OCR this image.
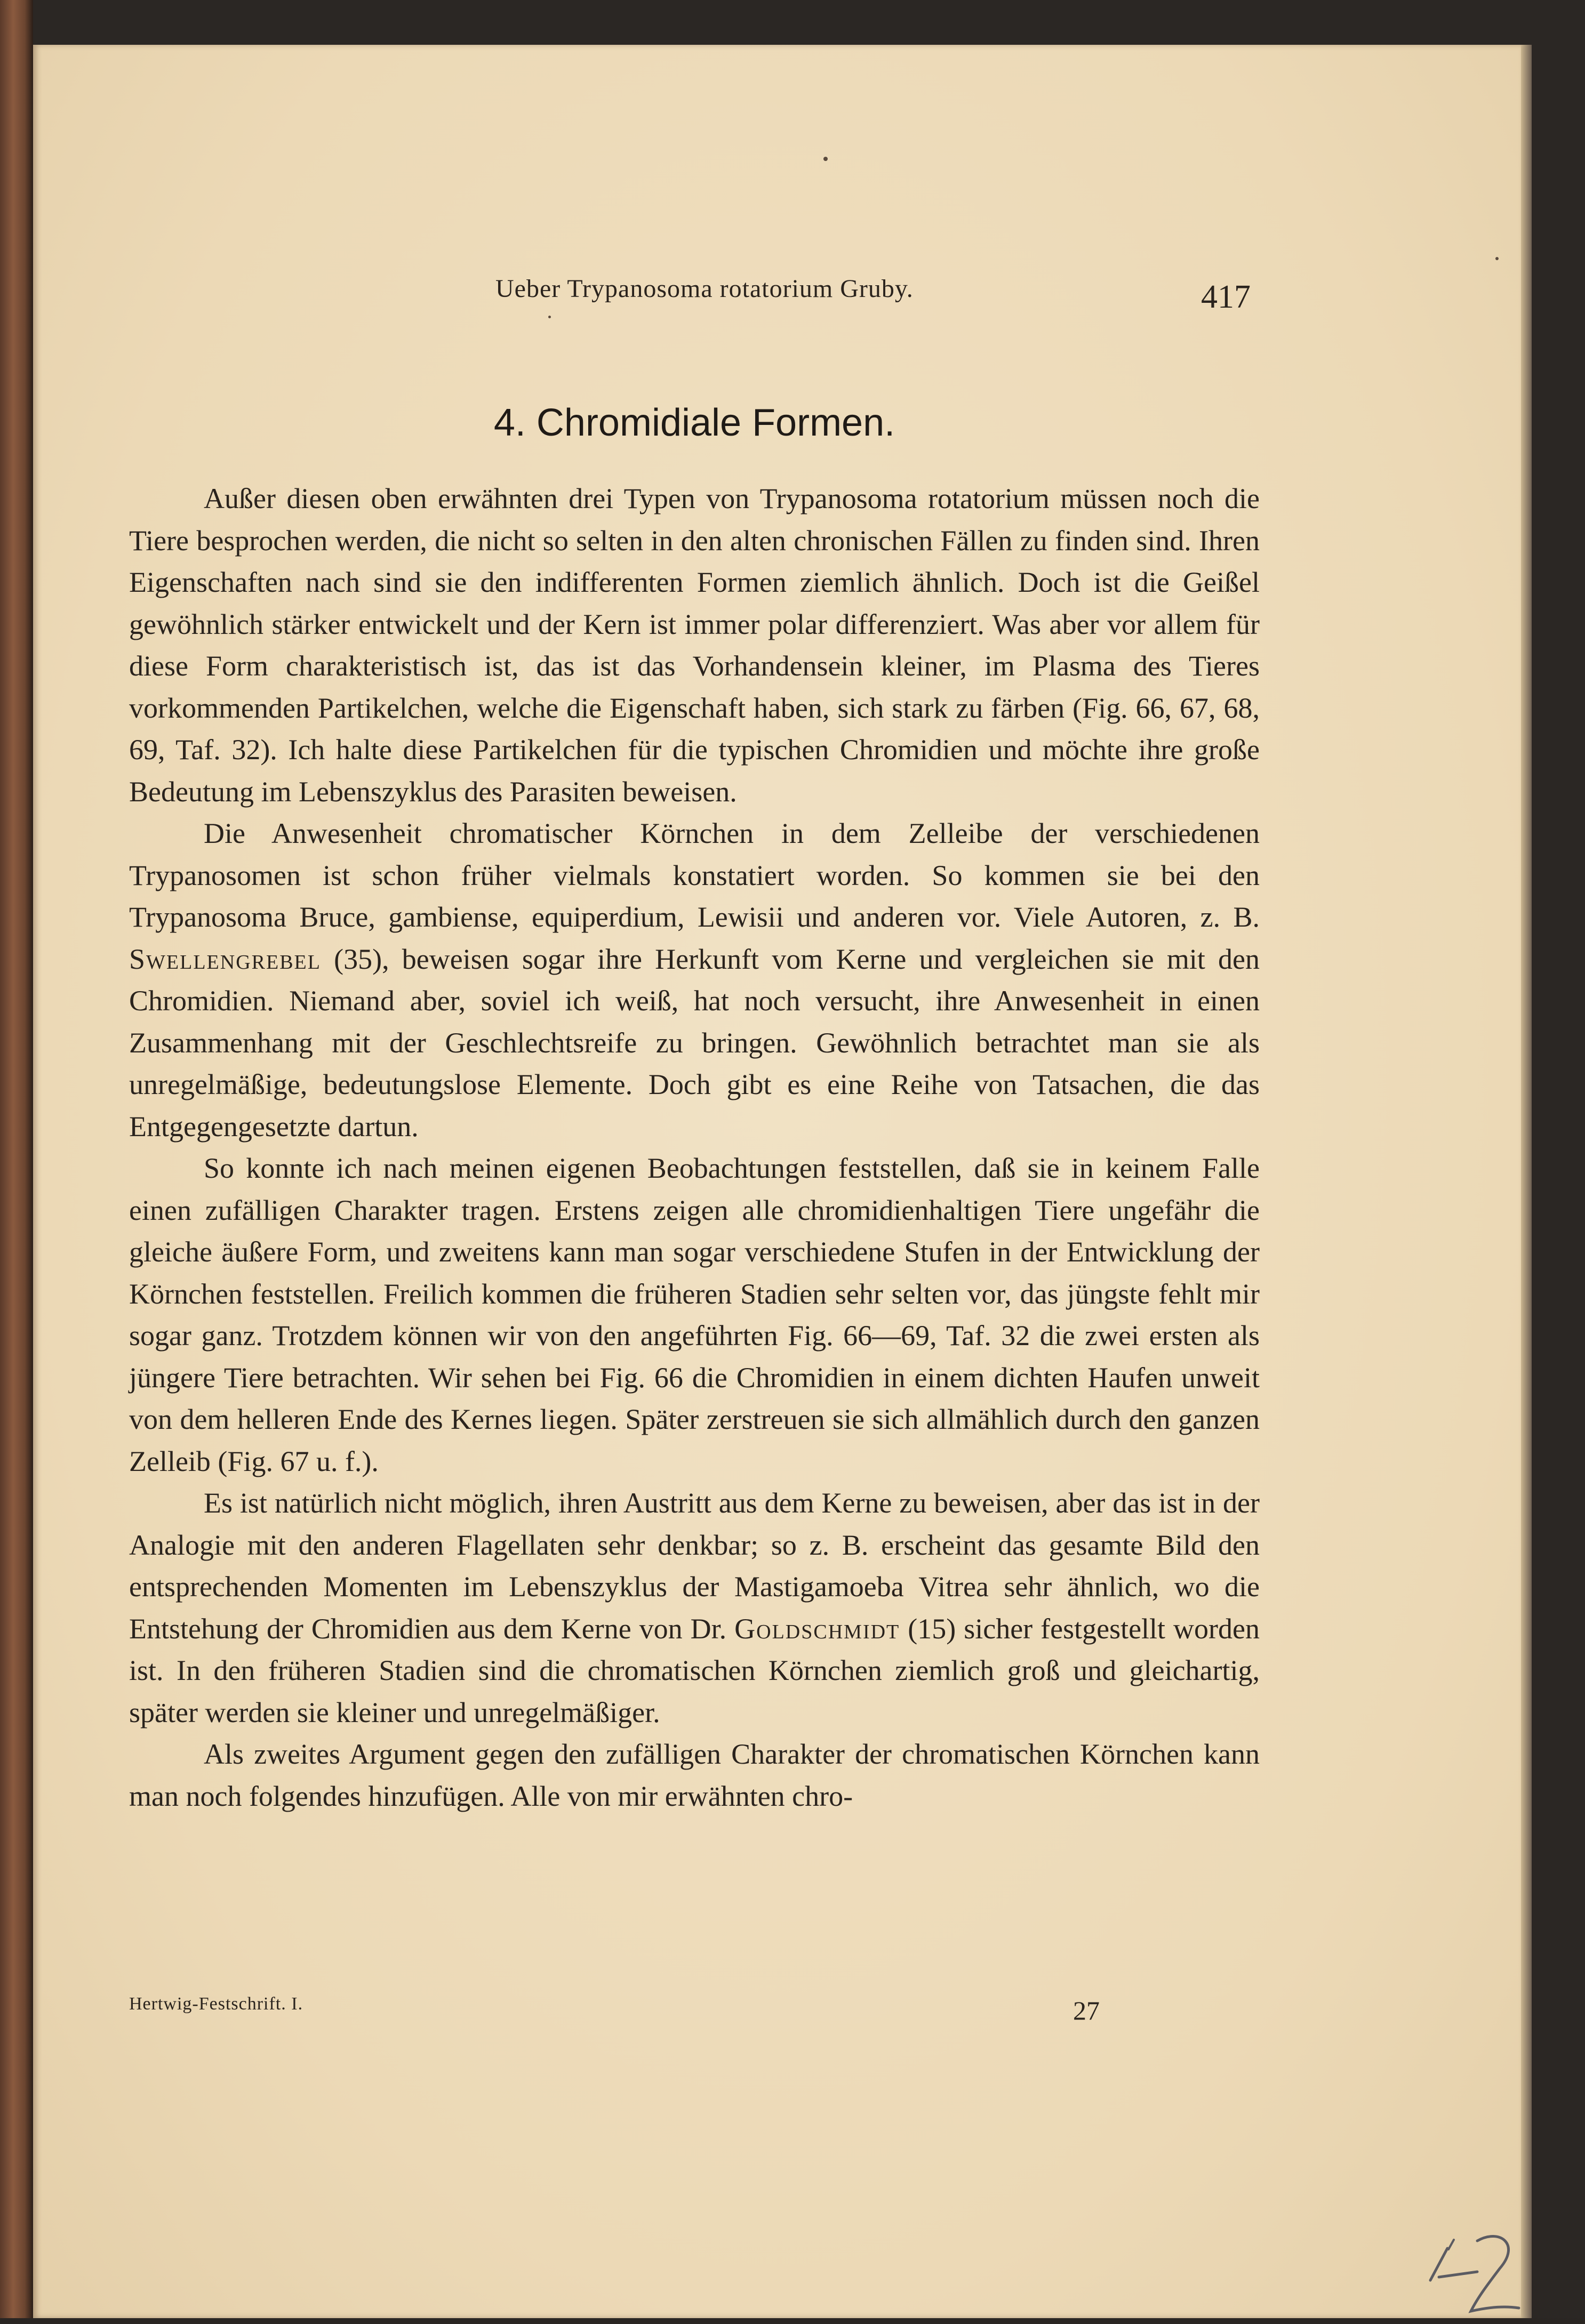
Ueber Trypanosoma rotatorium Gruby.	417
4. Chromidiale Formen.

Außer diesen oben erwähnten drei Typen von Trypanosoma rotatorium müssen noch die Tiere besprochen werden, die nicht so selten in den alten chronischen Fällen zu finden sind. Ihren Eigenschaften nach sind sie den indifferenten Formen ziemlich ähnlich. Doch ist die Geißel gewöhnlich stärker entwickelt und der Kern ist immer polar differenziert. Was aber vor allem für diese Form charakteristisch ist, das ist das Vorhandensein kleiner, im Plasma des Tieres vorkommenden Partikelchen, welche die Eigenschaft haben, sich stark zu färben (Fig. 66, 67, 68, 69, Taf. 32). Ich halte diese Partikelchen für die typischen Chromidien und möchte ihre große Bedeutung im Lebenszyklus des Parasiten beweisen.

Die Anwesenheit chromatischer Körnchen in dem Zelleibe der verschiedenen Trypanosomen ist schon früher vielmals konstatiert worden. So kommen sie bei den Trypanosoma Bruce, gambiense, equiperdium, Lewisii und anderen vor. Viele Autoren, z. B. Swellengrebel (35), beweisen sogar ihre Herkunft vom Kerne und vergleichen sie mit den Chromidien. Niemand aber, soviel ich weiß, hat noch versucht, ihre Anwesenheit in einen Zusammenhang mit der Geschlechtsreife zu bringen. Gewöhnlich betrachtet man sie als unregelmäßige, bedeutungslose Elemente. Doch gibt es eine Reihe von Tatsachen, die das Entgegengesetzte dartun.

So konnte ich nach meinen eigenen Beobachtungen feststellen, daß sie in keinem Falle einen zufälligen Charakter tragen. Erstens zeigen alle chromidienhaltigen Tiere ungefähr die gleiche äußere Form, und zweitens kann man sogar verschiedene Stufen in der Entwicklung der Körnchen feststellen. Freilich kommen die früheren Stadien sehr selten vor, das jüngste fehlt mir sogar ganz. Trotzdem können wir von den angeführten Fig. 66—69, Taf. 32 die zwei ersten als jüngere Tiere betrachten. Wir sehen bei Fig. 66 die Chromidien in einem dichten Haufen unweit von dem helleren Ende des Kernes liegen. Später zerstreuen sie sich allmählich durch den ganzen Zelleib (Fig. 67 u. f.).

Es ist natürlich nicht möglich, ihren Austritt aus dem Kerne zu beweisen, aber das ist in der Analogie mit den anderen Flagellaten sehr denkbar; so z. B. erscheint das gesamte Bild den entsprechenden Momenten im Lebenszyklus der Mastigamoeba Vitrea sehr ähnlich, wo die Entstehung der Chromidien aus dem Kerne von Dr. Goldschmidt (15) sicher festgestellt worden ist. In den früheren Stadien sind die chromatischen Körnchen ziemlich groß und gleichartig, später werden sie kleiner und unregelmäßiger.

Als zweites Argument gegen den zufälligen Charakter der chromatischen Körnchen kann man noch folgendes hinzufügen. Alle von mir erwähnten chro-

Hertwig-Festschrift. I.	27
